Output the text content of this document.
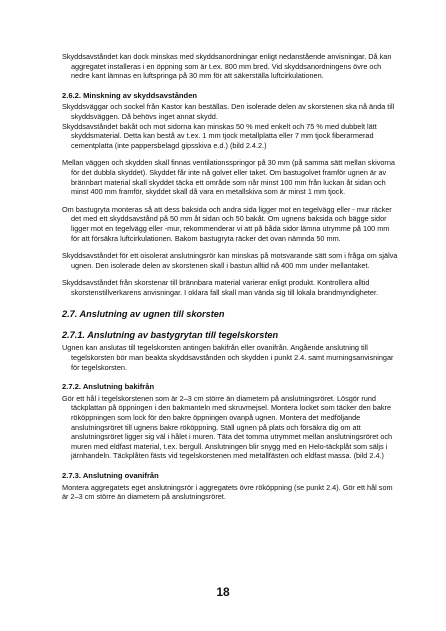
Skyddsavståndet kan dock minskas med skyddsanordningar enligt nedanstående anvisningar. Då kan aggregatet installeras i en öppning som är t.ex. 800 mm bred. Vid skyddsanordningens övre och nedre kant lämnas en luftspringa på 30 mm för att säkerställa luftcirkulationen.

2.6.2. Minskning av skyddsavstånden

Skyddsväggar och sockel från Kastor kan beställas. Den isolerade delen av skorstenen ska nå ända till skyddsväggen. Då behövs inget annat skydd.

Skyddsavståndet bakåt och mot sidorna kan minskas 50 % med enkelt och 75 % med dubbelt lätt skyddsmaterial. Detta kan bestå av t.ex. 1 mm tjock metallplatta eller 7 mm tjock fiberarmerad cementplatta (inte pappersbelagd gipsskiva e.d.) (bild 2.4.2.)

Mellan väggen och skydden skall finnas ventilationsspringor på 30 mm (på samma sätt mellan skivorna för det dubbla skyddet). Skyddet får inte nå golvet eller taket. Om bastugolvet framför ugnen är av brännbart material skall skyddet täcka ett område som når minst 100 mm från luckan åt sidan och minst 400 mm framför, skyddet skall då vara en metallskiva som är minst 1 mm tjock.

Om bastugryta monteras så att dess baksida och andra sida ligger mot en tegelvägg eller - mur räcker det med ett skyddsavstånd på 50 mm åt sidan och 50 bakåt. Om ugnens baksida och bägge sidor ligger mot en tegelvägg eller -mur, rekommenderar vi att på båda sidor lämna utrymme på 100 mm för att försäkra luftcirkulationen. Bakom bastugryta räcker det ovan nämnda 50 mm.

Skyddsavståndet för ett oisolerat anslutningsrör kan minskas på motsvarande sätt som i fråga om själva ugnen. Den isolerade delen av skorstenen skall i bastun alltid nå 400 mm under mellantaket.

Skyddsavståndet från skorstenar till brännbara material varierar enligt produkt. Kontrollera alltid skorstenstillverkarens anvisningar. I oklara fall skall man vända sig till lokala brandmyndigheter.

2.7. Anslutning av ugnen till skorsten
2.7.1. Anslutning av bastygrytan till tegelskorsten

Ugnen kan anslutas till tegelskorsten antingen bakifrån eller ovanifrån. Angående anslutning till tegelskorsten bör man beakta skyddsavstånden och skydden i punkt 2.4. samt murningsanvisningar för tegelskorsten.

2.7.2. Anslutning bakifrån

Gör ett hål i tegelskorstenen som är 2–3 cm större än diametern på anslutningsröret. Lösgör rund täckplattan på öppningen i den bakmanteln med skruvmejsel. Montera locket som täcker den bakre rököppningen som lock för den bakre öppningen ovanpå ugnen. Montera det medföljande anslutningsröret till ugnens bakre rököppning. Ställ ugnen på plats och försäkra dig om att anslutningsröret ligger sig väl i hålet i muren. Täta det tomma utrymmet mellan anslutningsröret och muren med eldfast material, t.ex. bergull. Anslutningen blir snygg med en Helo-täckplåt som säljs i järnhandeln. Täckplåten fästs vid tegelskorstenen med metallfästen och eldfast massa. (bild 2.4.)

2.7.3. Anslutning ovanifrån

Montera aggregatets eget anslutningsrör i aggregatets övre rököppning (se punkt 2.4). Gör ett hål som är 2–3 cm större än diametern på anslutningsröret.

18
